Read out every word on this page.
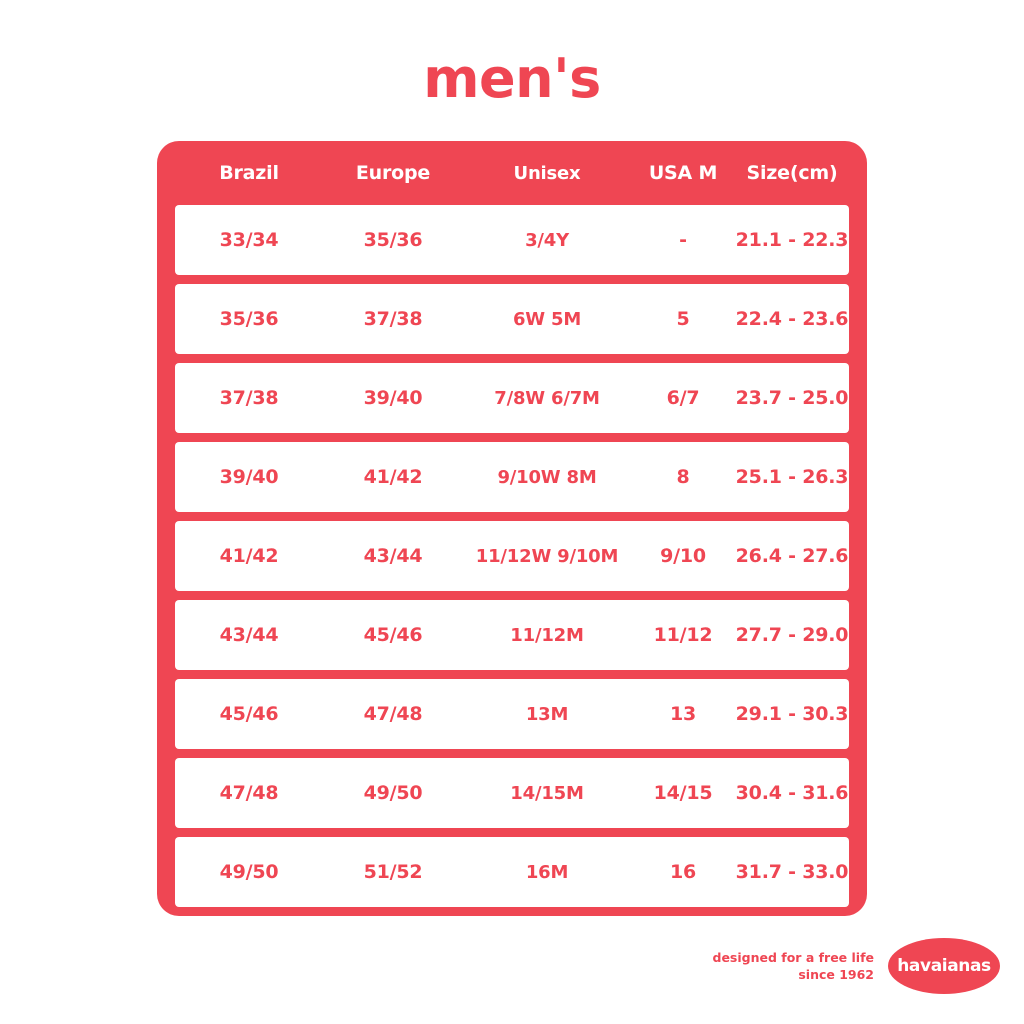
men's
Brazil	Europe	Unisex	USA M	Size(cm)
33/34	35/36	3/4Y	-	21.1 - 22.3
35/36	37/38	6W 5M	5	22.4 - 23.6
37/38	39/40	7/8W 6/7M	6/7	23.7 - 25.0
39/40	41/42	9/10W 8M	8	25.1 - 26.3
41/42	43/44	11/12W 9/10M	9/10	26.4 - 27.6
43/44	45/46	11/12M	11/12	27.7 - 29.0
45/46	47/48	13M	13	29.1 - 30.3
47/48	49/50	14/15M	14/15	30.4 - 31.6
49/50	51/52	16M	16	31.7 - 33.0
designed for a free life
since 1962 havaianas
